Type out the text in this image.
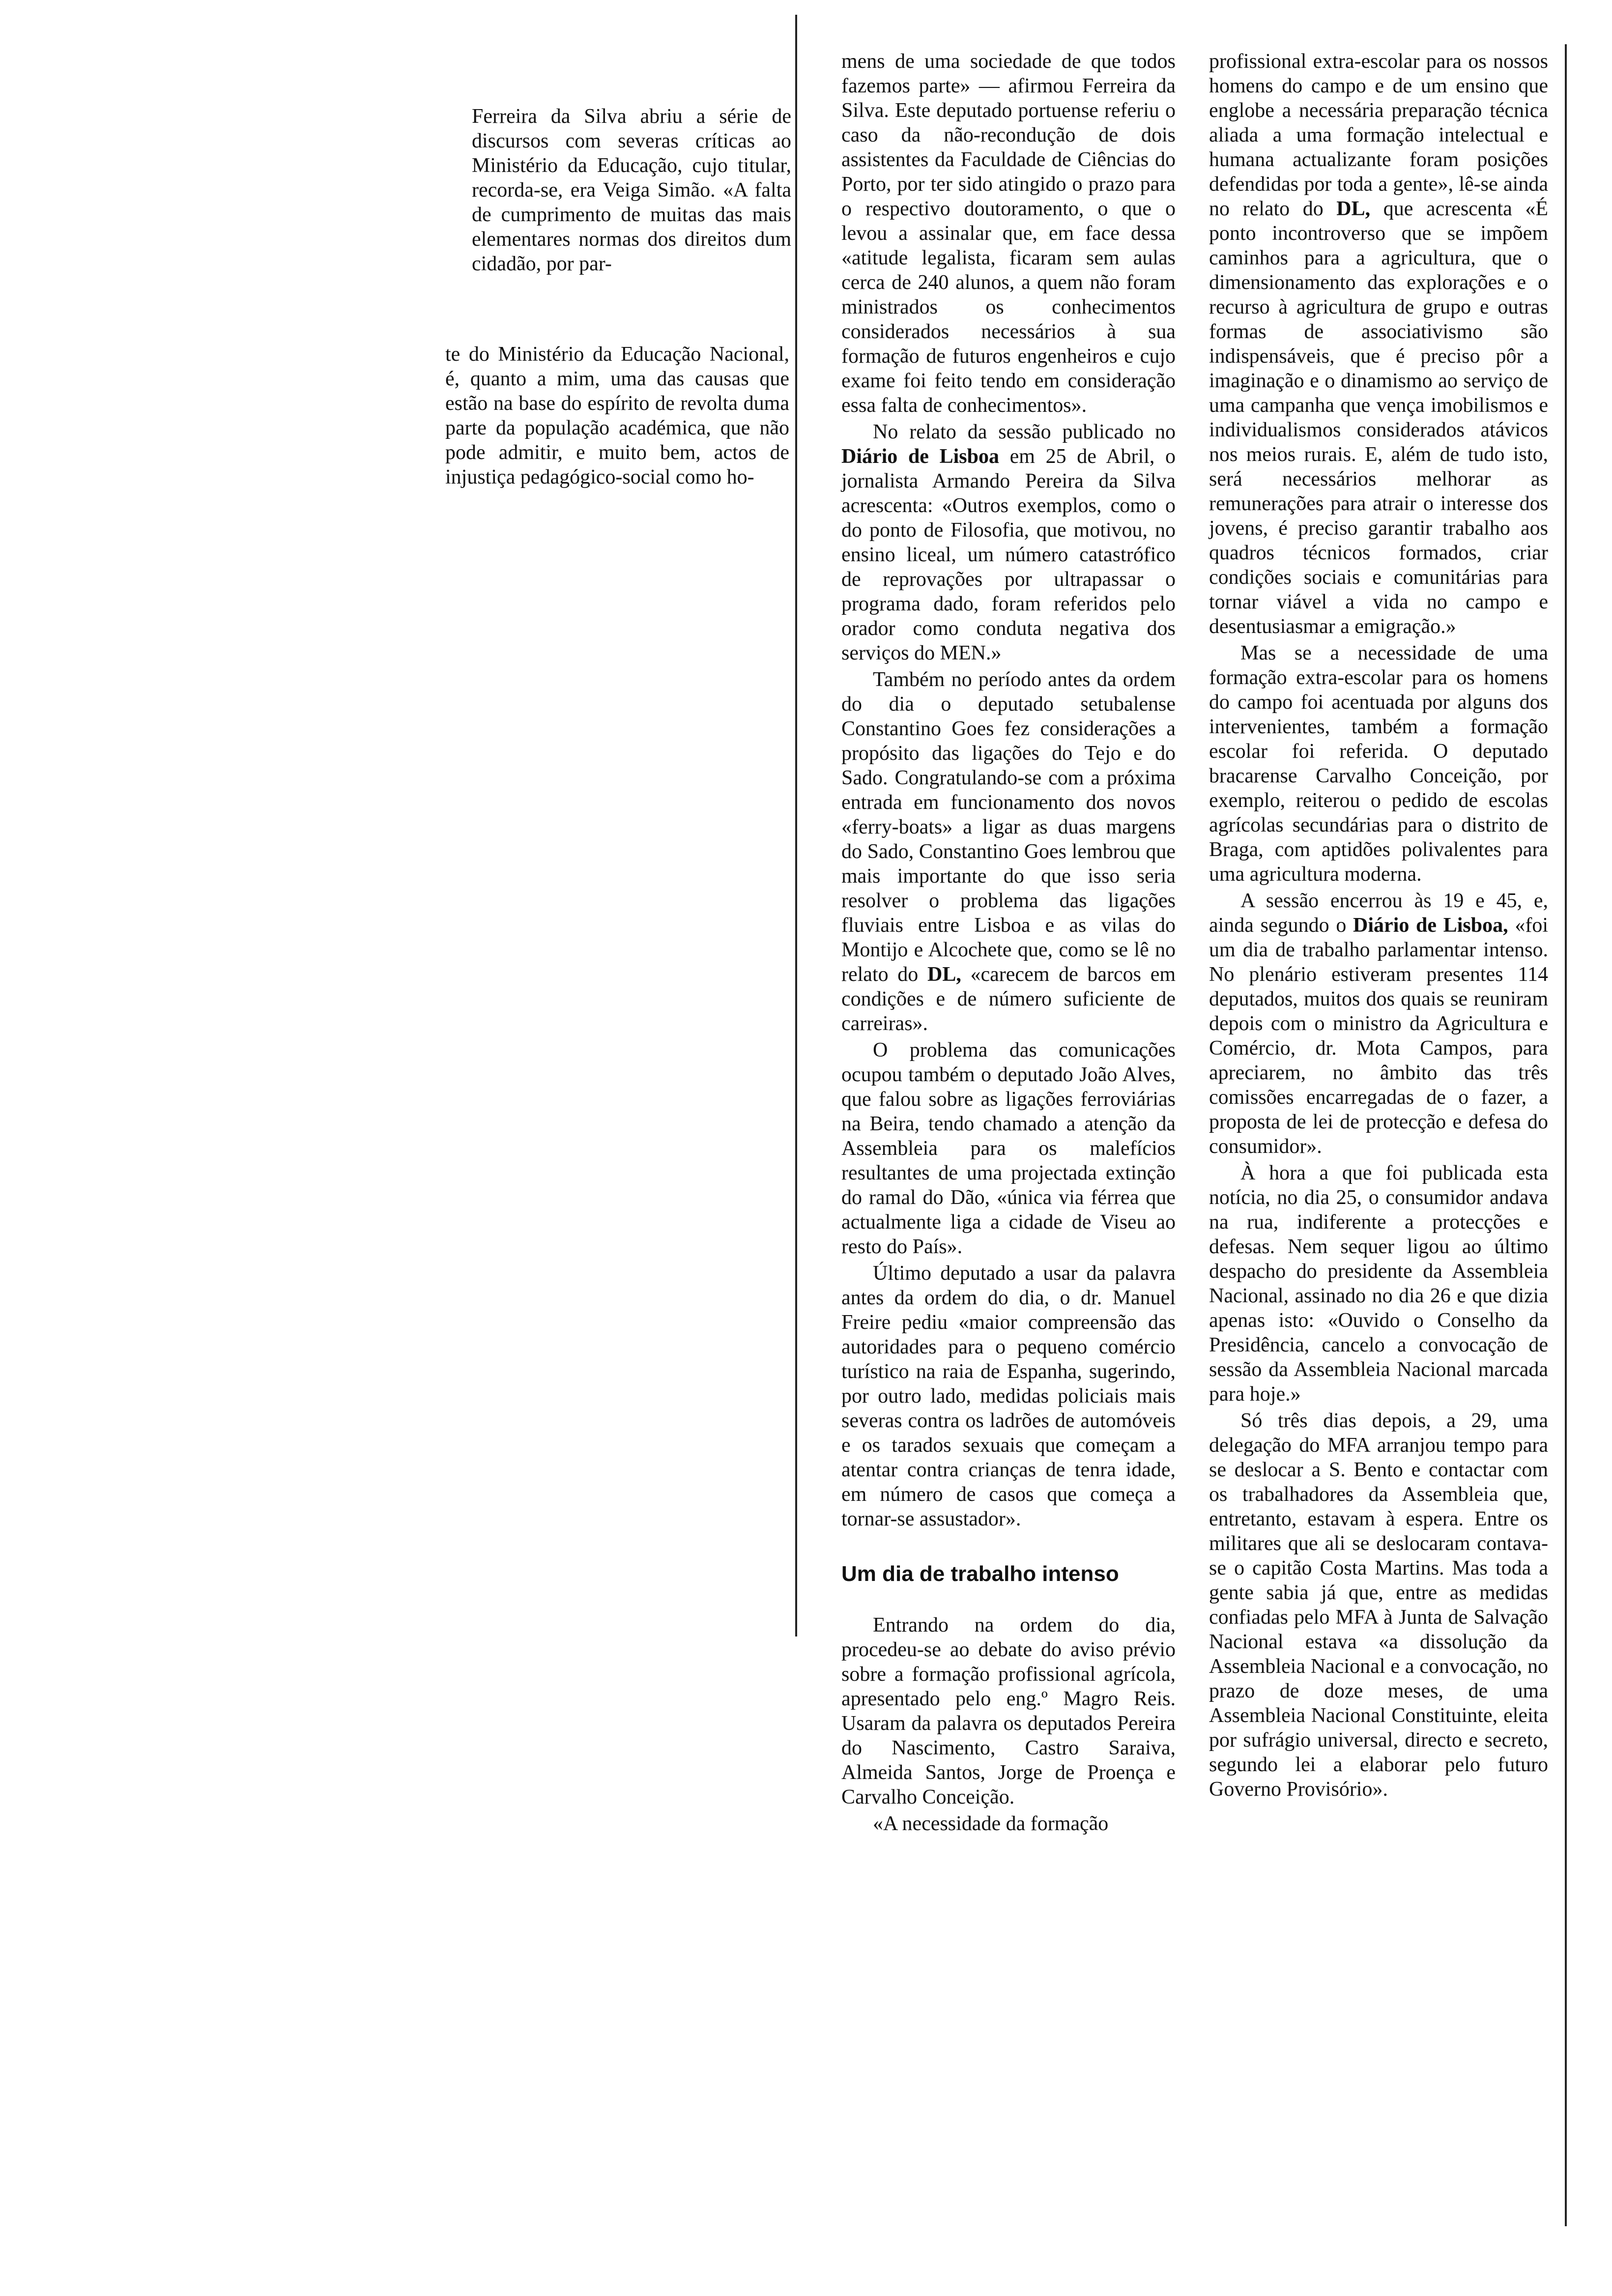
Ferreira da Silva abriu a série de discursos com severas críticas ao Ministério da Educação, cujo titular, recorda-se, era Veiga Simão. «A falta de cumprimento de muitas das mais elementares normas dos direitos dum cidadão, por par-

te do Ministério da Educação Nacional, é, quanto a mim, uma das causas que estão na base do espírito de revolta duma parte da população académica, que não pode admitir, e muito bem, actos de injustiça pedagógico-social como ho-

mens de uma sociedade de que todos fazemos parte» — afirmou Ferreira da Silva. Este deputado portuense referiu o caso da não-recondução de dois assistentes da Faculdade de Ciências do Porto, por ter sido atingido o prazo para o respectivo doutoramento, o que o levou a assinalar que, em face dessa «atitude legalista, ficaram sem aulas cerca de 240 alunos, a quem não foram ministrados os conhecimentos considerados necessários à sua formação de futuros engenheiros e cujo exame foi feito tendo em consideração essa falta de conhecimentos».

No relato da sessão publicado no Diário de Lisboa em 25 de Abril, o jornalista Armando Pereira da Silva acrescenta: «Outros exemplos, como o do ponto de Filosofia, que motivou, no ensino liceal, um número catastrófico de reprovações por ultrapassar o programa dado, foram referidos pelo orador como conduta negativa dos serviços do MEN.»

Também no período antes da ordem do dia o deputado setubalense Constantino Goes fez considerações a propósito das ligações do Tejo e do Sado. Congratulando-se com a próxima entrada em funcionamento dos novos «ferry-boats» a ligar as duas margens do Sado, Constantino Goes lembrou que mais importante do que isso seria resolver o problema das ligações fluviais entre Lisboa e as vilas do Montijo e Alcochete que, como se lê no relato do DL, «carecem de barcos em condições e de número suficiente de carreiras».

O problema das comunicações ocupou também o deputado João Alves, que falou sobre as ligações ferroviárias na Beira, tendo chamado a atenção da Assembleia para os malefícios resultantes de uma projectada extinção do ramal do Dão, «única via férrea que actualmente liga a cidade de Viseu ao resto do País».

Último deputado a usar da palavra antes da ordem do dia, o dr. Manuel Freire pediu «maior compreensão das autoridades para o pequeno comércio turístico na raia de Espanha, sugerindo, por outro lado, medidas policiais mais severas contra os ladrões de automóveis e os tarados sexuais que começam a atentar contra crianças de tenra idade, em número de casos que começa a tornar-se assustador».

Um dia de trabalho intenso

Entrando na ordem do dia, procedeu-se ao debate do aviso prévio sobre a formação profissional agrícola, apresentado pelo eng.º Magro Reis. Usaram da palavra os deputados Pereira do Nascimento, Castro Saraiva, Almeida Santos, Jorge de Proença e Carvalho Conceição.

«A necessidade da formação

profissional extra-escolar para os nossos homens do campo e de um ensino que englobe a necessária preparação técnica aliada a uma formação intelectual e humana actualizante foram posições defendidas por toda a gente», lê-se ainda no relato do DL, que acrescenta «É ponto incontroverso que se impõem caminhos para a agricultura, que o dimensionamento das explorações e o recurso à agricultura de grupo e outras formas de associativismo são indispensáveis, que é preciso pôr a imaginação e o dinamismo ao serviço de uma campanha que vença imobilismos e individualismos considerados atávicos nos meios rurais. E, além de tudo isto, será necessários melhorar as remunerações para atrair o interesse dos jovens, é preciso garantir trabalho aos quadros técnicos formados, criar condições sociais e comunitárias para tornar viável a vida no campo e desentusiasmar a emigração.»

Mas se a necessidade de uma formação extra-escolar para os homens do campo foi acentuada por alguns dos intervenientes, também a formação escolar foi referida. O deputado bracarense Carvalho Conceição, por exemplo, reiterou o pedido de escolas agrícolas secundárias para o distrito de Braga, com aptidões polivalentes para uma agricultura moderna.

A sessão encerrou às 19 e 45, e, ainda segundo o Diário de Lisboa, «foi um dia de trabalho parlamentar intenso. No plenário estiveram presentes 114 deputados, muitos dos quais se reuniram depois com o ministro da Agricultura e Comércio, dr. Mota Campos, para apreciarem, no âmbito das três comissões encarregadas de o fazer, a proposta de lei de protecção e defesa do consumidor».

À hora a que foi publicada esta notícia, no dia 25, o consumidor andava na rua, indiferente a protecções e defesas. Nem sequer ligou ao último despacho do presidente da Assembleia Nacional, assinado no dia 26 e que dizia apenas isto: «Ouvido o Conselho da Presidência, cancelo a convocação de sessão da Assembleia Nacional marcada para hoje.»

Só três dias depois, a 29, uma delegação do MFA arranjou tempo para se deslocar a S. Bento e contactar com os trabalhadores da Assembleia que, entretanto, estavam à espera. Entre os militares que ali se deslocaram contava-se o capitão Costa Martins. Mas toda a gente sabia já que, entre as medidas confiadas pelo MFA à Junta de Salvação Nacional estava «a dissolução da Assembleia Nacional e a convocação, no prazo de doze meses, de uma Assembleia Nacional Constituinte, eleita por sufrágio universal, directo e secreto, segundo lei a elaborar pelo futuro Governo Provisório».
